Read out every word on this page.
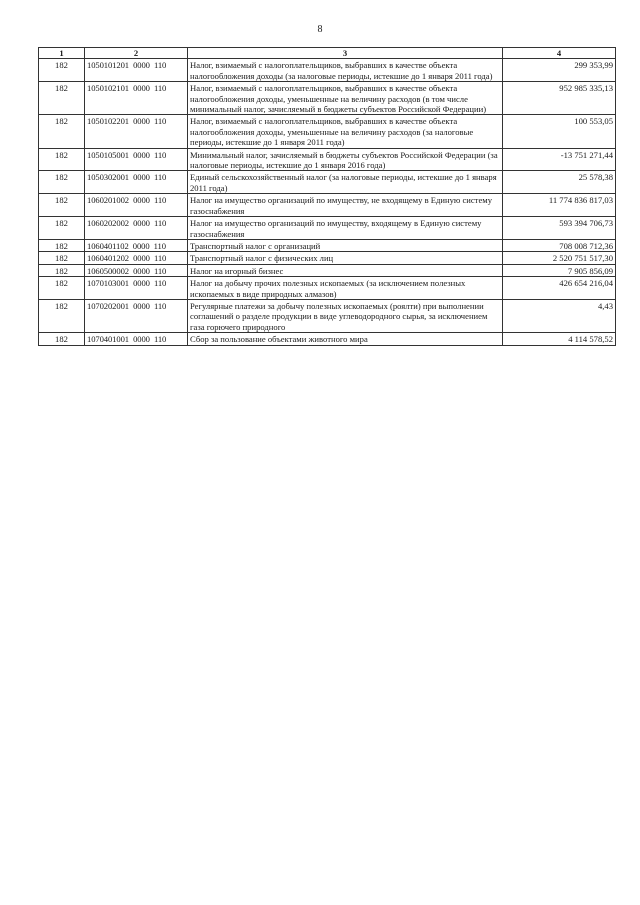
8
1	2	3	4
182	1050101201  0000  110	Налог, взимаемый с налогоплательщиков, выбравших в качестве объекта налогообложения доходы (за налоговые периоды, истекшие до 1 января 2011 года)	299 353,99
182	1050102101  0000  110	Налог, взимаемый с налогоплательщиков, выбравших в качестве объекта налогообложения доходы, уменьшенные на величину расходов (в том числе минимальный налог, зачисляемый в бюджеты субъектов Российской Федерации)	952 985 335,13
182	1050102201  0000  110	Налог, взимаемый с налогоплательщиков, выбравших в качестве объекта налогообложения доходы, уменьшенные на величину расходов (за налоговые периоды, истекшие до 1 января 2011 года)	100 553,05
182	1050105001  0000  110	Минимальный налог, зачисляемый в бюджеты субъектов Российской Федерации (за налоговые периоды, истекшие до 1 января 2016 года)	-13 751 271,44
182	1050302001  0000  110	Единый сельскохозяйственный налог (за налоговые периоды, истекшие до 1 января 2011 года)	25 578,38
182	1060201002  0000  110	Налог на имущество организаций по имуществу, не входящему в Единую систему газоснабжения	11 774 836 817,03
182	1060202002  0000  110	Налог на имущество организаций по имуществу, входящему в Единую систему газоснабжения	593 394 706,73
182	1060401102  0000  110	Транспортный налог с организаций	708 008 712,36
182	1060401202  0000  110	Транспортный налог с физических лиц	2 520 751 517,30
182	1060500002  0000  110	Налог на игорный бизнес	7 905 856,09
182	1070103001  0000  110	Налог на добычу прочих полезных ископаемых (за исключением полезных ископаемых в виде природных алмазов)	426 654 216,04
182	1070202001  0000  110	Регулярные платежи за добычу полезных ископаемых (роялти) при выполнении соглашений о разделе продукции в виде углеводородного сырья, за исключением газа горючего природного	4,43
182	1070401001  0000  110	Сбор за пользование объектами животного мира	4 114 578,52
